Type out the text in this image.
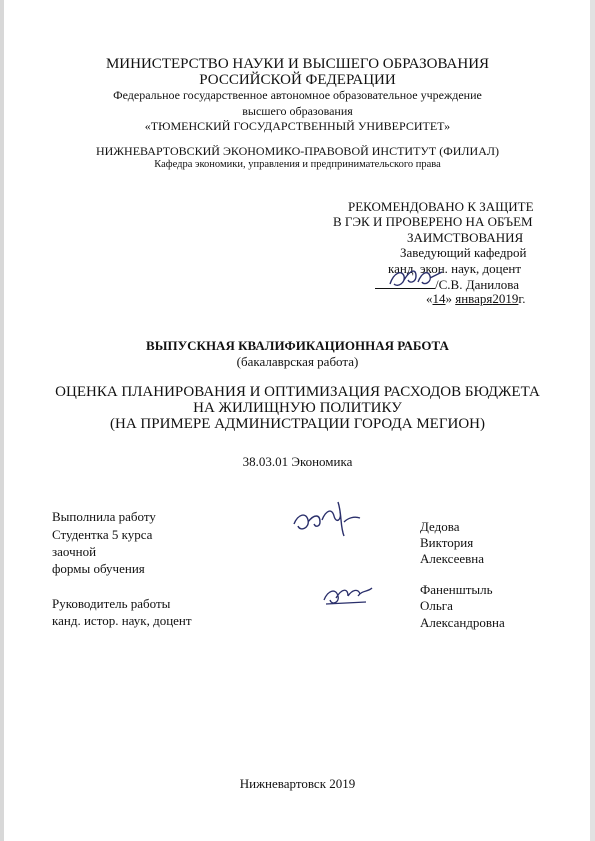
МИНИСТЕРСТВО НАУКИ И ВЫСШЕГО ОБРАЗОВАНИЯ
РОССИЙСКОЙ ФЕДЕРАЦИИ
Федеральное государственное автономное образовательное учреждение
высшего образования
«ТЮМЕНСКИЙ ГОСУДАРСТВЕННЫЙ УНИВЕРСИТЕТ»
НИЖНЕВАРТОВСКИЙ ЭКОНОМИКО-ПРАВОВОЙ ИНСТИТУТ (ФИЛИАЛ)
Кафедра экономики, управления и предпринимательского права
РЕКОМЕНДОВАНО К ЗАЩИТЕ
В ГЭК И ПРОВЕРЕНО НА ОБЪЕМ
ЗАИМСТВОВАНИЯ
Заведующий кафедрой
канд. экон. наук, доцент
/С.В. Данилова
«14» января2019г.
ВЫПУСКНАЯ КВАЛИФИКАЦИОННАЯ РАБОТА
(бакалаврская работа)
ОЦЕНКА ПЛАНИРОВАНИЯ И ОПТИМИЗАЦИЯ РАСХОДОВ БЮДЖЕТА
НА ЖИЛИЩНУЮ ПОЛИТИКУ
(НА ПРИМЕРЕ АДМИНИСТРАЦИИ ГОРОДА МЕГИОН)
38.03.01 Экономика
Выполнила работу
Студентка 5 курса
заочной
формы обучения
Дедова
Виктория
Алексеевна
Руководитель работы
канд. истор. наук, доцент
Фаненштыль
Ольга
Александровна
Нижневартовск 2019
